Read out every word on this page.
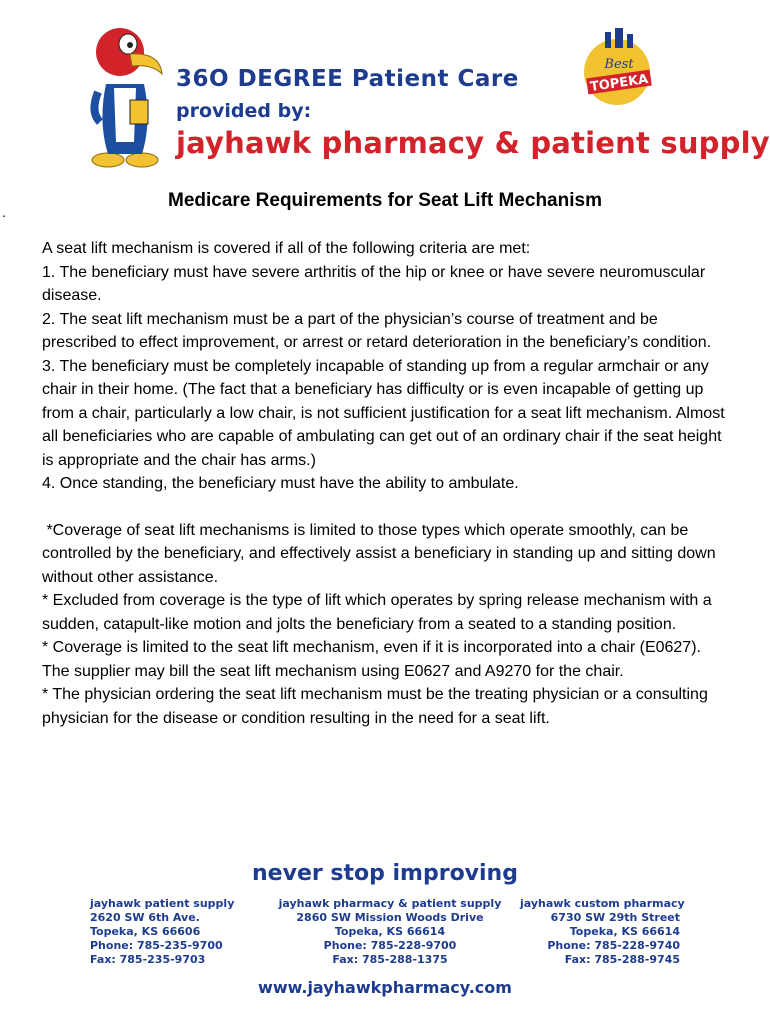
.
36O DEGREE Patient Care
provided by:
jayhawk pharmacy & patient supply
Best
TOPEKA
Medicare Requirements for Seat Lift Mechanism

A seat lift mechanism is covered if all of the following criteria are met:

1. The beneficiary must have severe arthritis of the hip or knee or have severe neuromuscular disease.

2. The seat lift mechanism must be a part of the physician’s course of treatment and be prescribed to effect improvement, or arrest or retard deterioration in the beneficiary’s condition.

3. The beneficiary must be completely incapable of standing up from a regular armchair or any chair in their home. (The fact that a beneficiary has difficulty or is even incapable of getting up from a chair, particularly a low chair, is not sufficient justification for a seat lift mechanism. Almost all beneficiaries who are capable of ambulating can get out of an ordinary chair if the seat height is appropriate and the chair has arms.)

4. Once standing, the beneficiary must have the ability to ambulate.

*Coverage of seat lift mechanisms is limited to those types which operate smoothly, can be controlled by the beneficiary, and effectively assist a beneficiary in standing up and sitting down without other assistance.

* Excluded from coverage is the type of lift which operates by spring release mechanism with a sudden, catapult-like motion and jolts the beneficiary from a seated to a standing position.

* Coverage is limited to the seat lift mechanism, even if it is incorporated into a chair (E0627). The supplier may bill the seat lift mechanism using E0627 and A9270 for the chair.

* The physician ordering the seat lift mechanism must be the treating physician or a consulting physician for the disease or condition resulting in the need for a seat lift.

never stop improving
jayhawk patient supply
2620 SW 6th Ave.
Topeka, KS 66606
Phone: 785-235-9700
Fax: 785-235-9703
jayhawk pharmacy & patient supply
2860 SW Mission Woods Drive
Topeka, KS 66614
Phone: 785-228-9700
Fax: 785-288-1375
jayhawk custom pharmacy
6730 SW 29th Street
Topeka, KS 66614
Phone: 785-228-9740
Fax: 785-288-9745
www.jayhawkpharmacy.com
